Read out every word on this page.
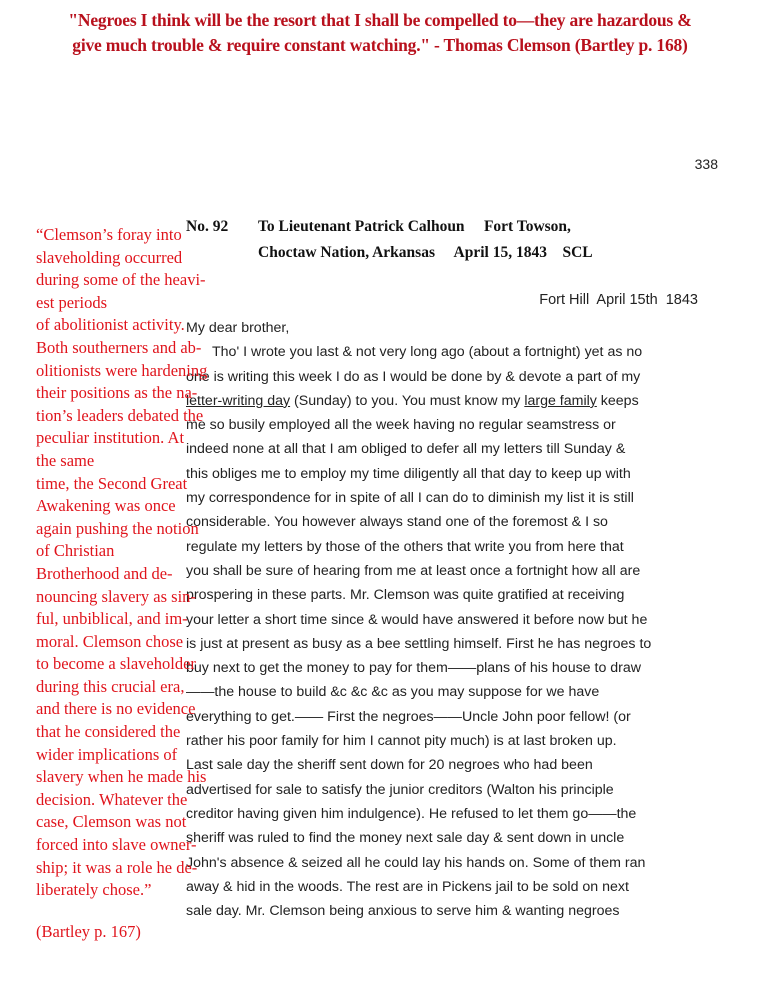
"Negroes I think will be the resort that I shall be compelled to—they are hazardous &
give much trouble & require constant watching." - Thomas Clemson (Bartley p. 168)
338
No. 92 To Lieutenant Patrick Calhoun Fort Towson,
Choctaw Nation, Arkansas April 15, 1843 SCL
Fort Hill  April 15th  1843
My dear brother,
Tho' I wrote you last & not very long ago (about a fortnight) yet as no
one is writing this week I do as I would be done by & devote a part of my
letter-writing day (Sunday) to you. You must know my large family keeps
me so busily employed all the week having no regular seamstress or
indeed none at all that I am obliged to defer all my letters till Sunday &
this obliges me to employ my time diligently all that day to keep up with
my correspondence for in spite of all I can do to diminish my list it is still
considerable. You however always stand one of the foremost & I so
regulate my letters by those of the others that write you from here that
you shall be sure of hearing from me at least once a fortnight how all are
prospering in these parts. Mr. Clemson was quite gratified at receiving
your letter a short time since & would have answered it before now but he
is just at present as busy as a bee settling himself. First he has negroes to
buy next to get the money to pay for them——plans of his house to draw
——the house to build &c &c &c as you may suppose for we have
everything to get.—— First the negroes——Uncle John poor fellow! (or
rather his poor family for him I cannot pity much) is at last broken up.
Last sale day the sheriff sent down for 20 negroes who had been
advertised for sale to satisfy the junior creditors (Walton his principle
creditor having given him indulgence). He refused to let them go——the
sheriff was ruled to find the money next sale day & sent down in uncle
John's absence & seized all he could lay his hands on. Some of them ran
away & hid in the woods. The rest are in Pickens jail to be sold on next
sale day. Mr. Clemson being anxious to serve him & wanting negroes
“Clemson’s foray into
slaveholding occurred
during some of the heavi-
est periods
of abolitionist activity.
Both southerners and ab-
olitionists were hardening
their positions as the na-
tion’s leaders debated the
peculiar institution. At
the same
time, the Second Great
Awakening was once
again pushing the notion
of Christian
Brotherhood and de-
nouncing slavery as sin-
ful, unbiblical, and im-
moral. Clemson chose
to become a slaveholder
during this crucial era,
and there is no evidence
that he considered the
wider implications of
slavery when he made his
decision. Whatever the
case, Clemson was not
forced into slave owner-
ship; it was a role he de-
liberately chose.”
(Bartley p. 167)
